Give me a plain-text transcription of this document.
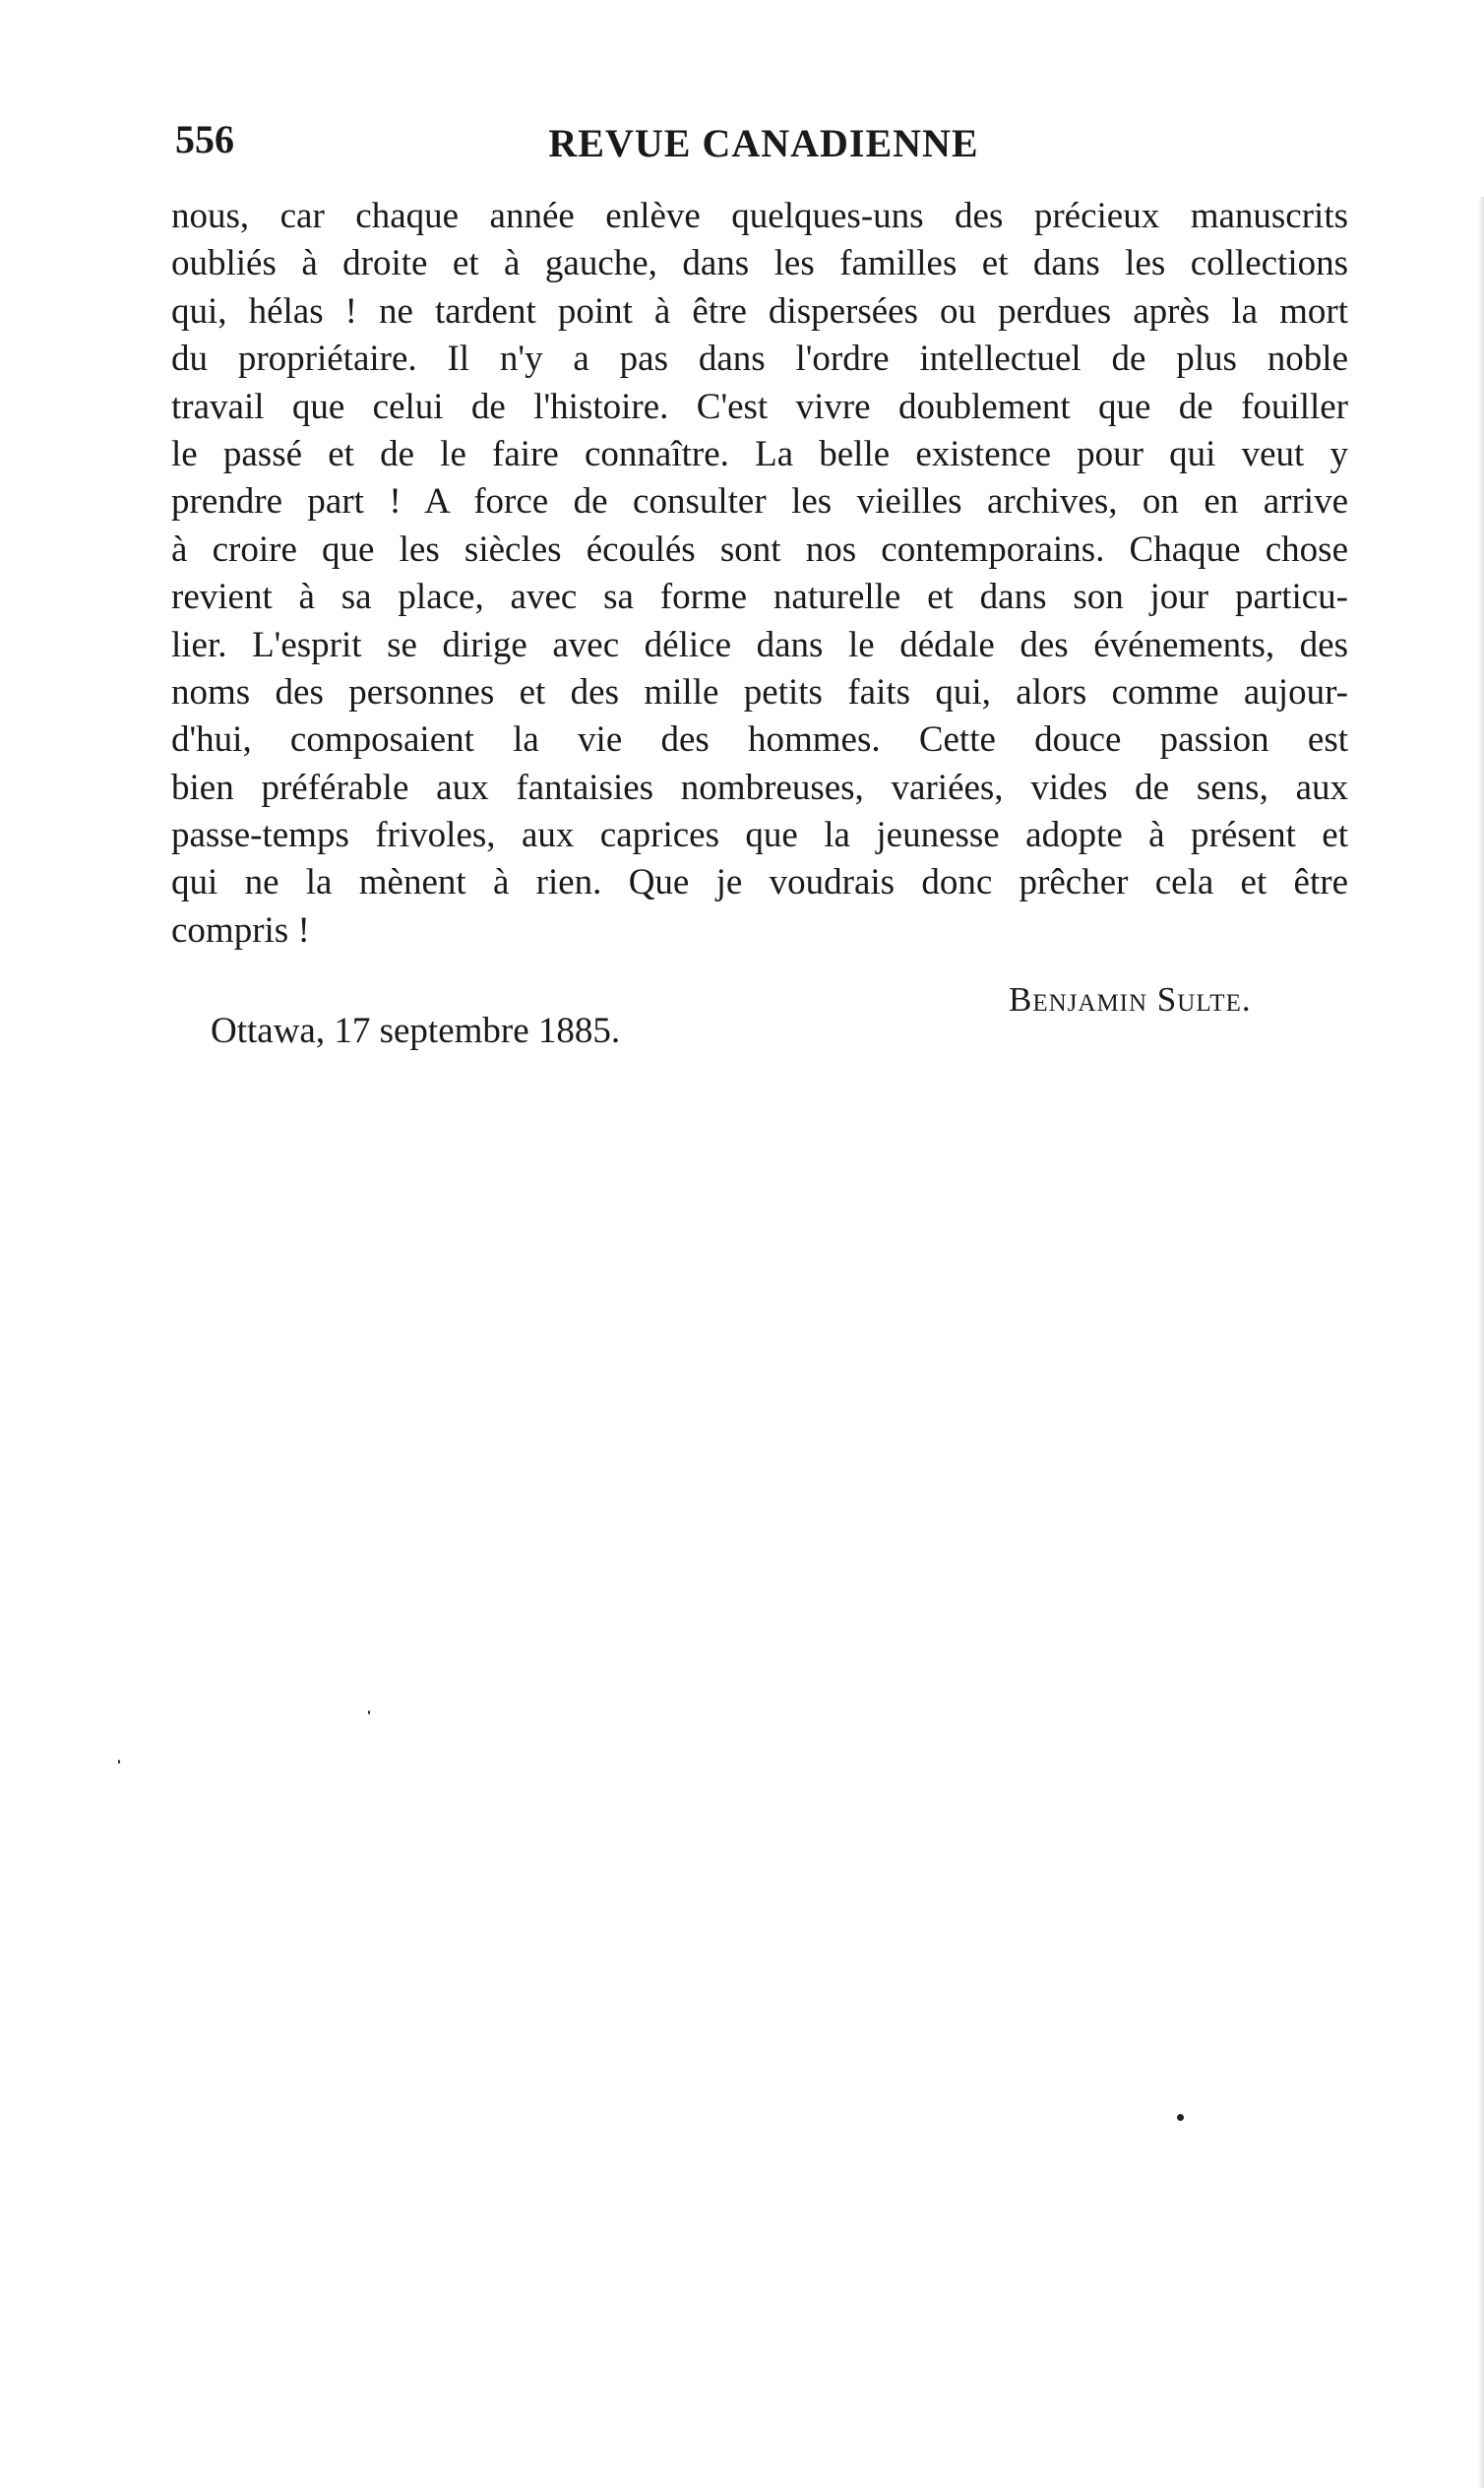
556	REVUE CANADIENNE
nous, car chaque année enlève quelques-uns des précieux manuscrits
oubliés à droite et à gauche, dans les familles et dans les collections
qui, hélas ! ne tardent point à être dispersées ou perdues après la mort
du propriétaire. Il n'y a pas dans l'ordre intellectuel de plus noble
travail que celui de l'histoire. C'est vivre doublement que de fouiller
le passé et de le faire connaître. La belle existence pour qui veut y
prendre part ! A force de consulter les vieilles archives, on en arrive
à croire que les siècles écoulés sont nos contemporains. Chaque chose
revient à sa place, avec sa forme naturelle et dans son jour particu-
lier. L'esprit se dirige avec délice dans le dédale des événements, des
noms des personnes et des mille petits faits qui, alors comme aujour-
d'hui, composaient la vie des hommes. Cette douce passion est
bien préférable aux fantaisies nombreuses, variées, vides de sens, aux
passe-temps frivoles, aux caprices que la jeunesse adopte à présent et
qui ne la mènent à rien. Que je voudrais donc prêcher cela et être
compris !
Benjamin Sulte.
Ottawa, 17 septembre 1885.
